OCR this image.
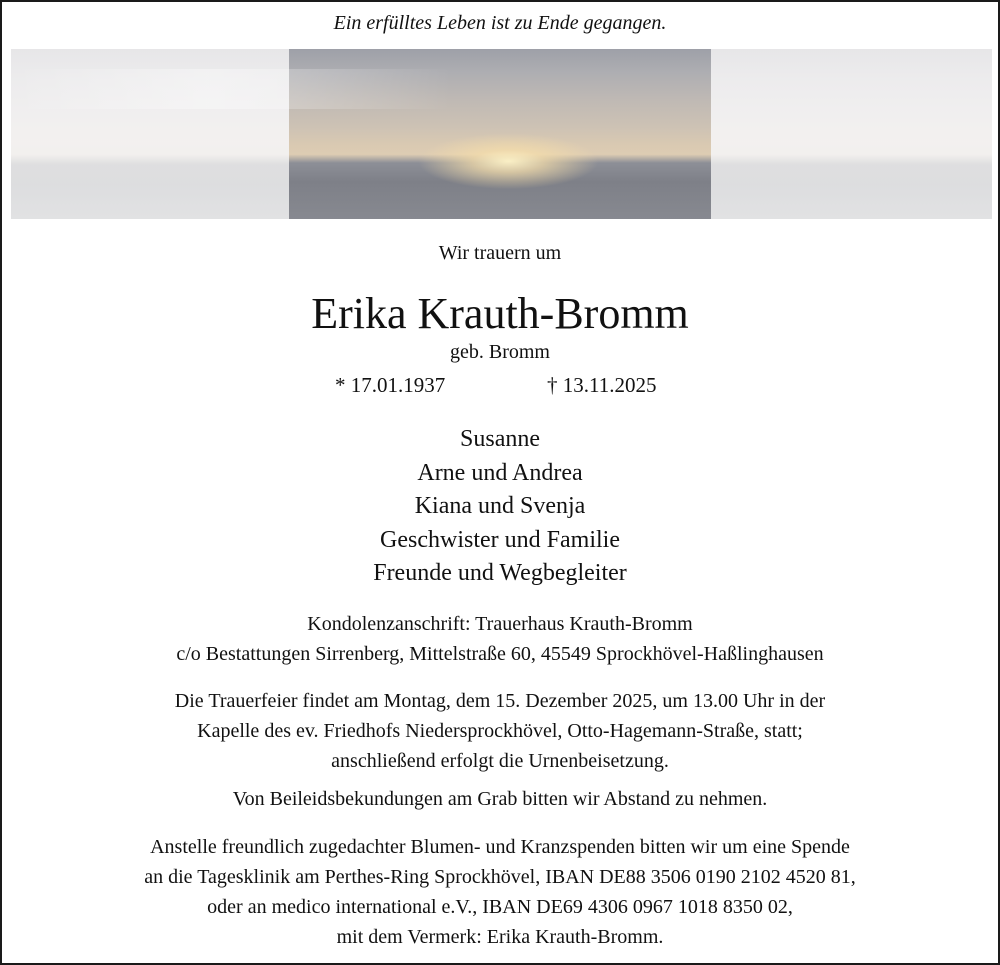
Ein erfülltes Leben ist zu Ende gegangen.
Wir trauern um
Erika Krauth-Bromm
geb. Bromm
* 17.01.1937	† 13.11.2025
Susanne
Arne und Andrea
Kiana und Svenja
Geschwister und Familie
Freunde und Wegbegleiter
Kondolenzanschrift: Trauerhaus Krauth-Bromm
c/o Bestattungen Sirrenberg, Mittelstraße 60, 45549 Sprockhövel-Haßlinghausen
Die Trauerfeier findet am Montag, dem 15. Dezember 2025, um 13.00 Uhr in der
Kapelle des ev. Friedhofs Niedersprockhövel, Otto-Hagemann-Straße, statt;
anschließend erfolgt die Urnenbeisetzung.
Von Beileidsbekundungen am Grab bitten wir Abstand zu nehmen.
Anstelle freundlich zugedachter Blumen- und Kranzspenden bitten wir um eine Spende
an die Tagesklinik am Perthes-Ring Sprockhövel, IBAN DE88 3506 0190 2102 4520 81,
oder an medico international e.V., IBAN DE69 4306 0967 1018 8350 02,
mit dem Vermerk: Erika Krauth-Bromm.
